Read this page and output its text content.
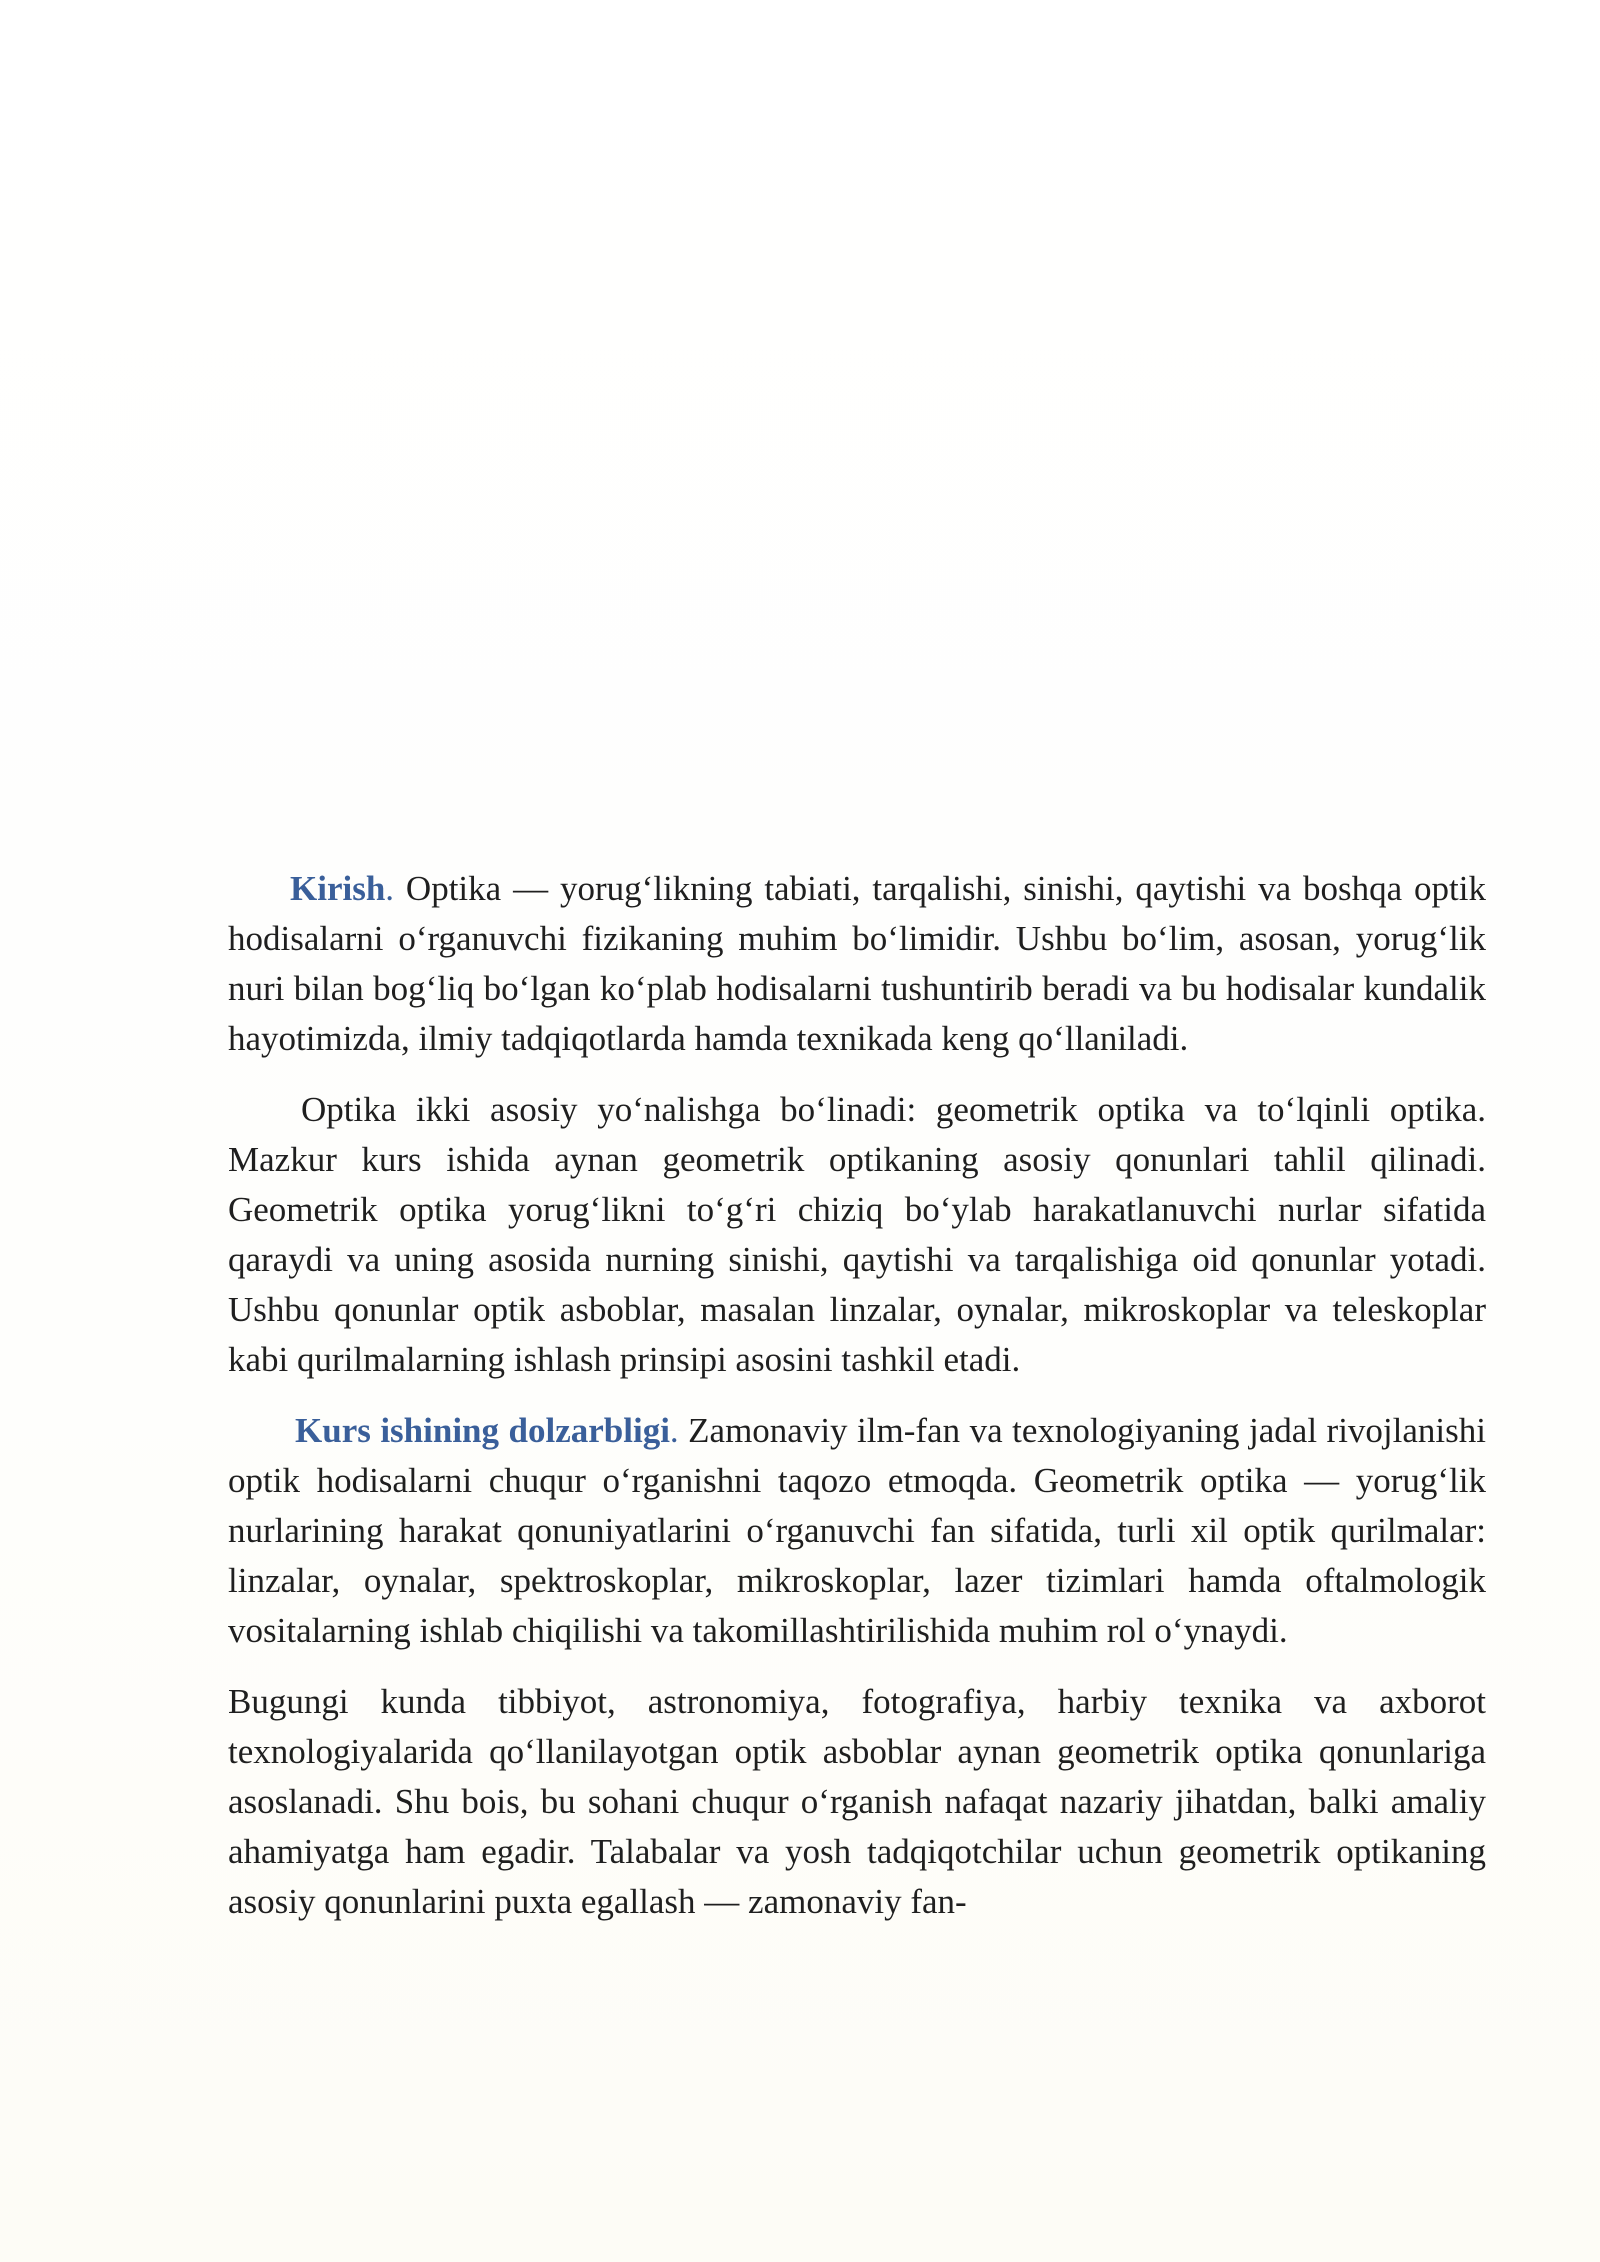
Kirish. Optika — yorug‘likning tabiati, tarqalishi, sinishi, qaytishi va boshqa optik hodisalarni o‘rganuvchi fizikaning muhim bo‘limidir. Ushbu bo‘lim, asosan, yorug‘lik nuri bilan bog‘liq bo‘lgan ko‘plab hodisalarni tushuntirib beradi va bu hodisalar kundalik hayotimizda, ilmiy tadqiqotlarda hamda texnikada keng qo‘llaniladi.

Optika ikki asosiy yo‘nalishga bo‘linadi: geometrik optika va to‘lqinli optika. Mazkur kurs ishida aynan geometrik optikaning asosiy qonunlari tahlil qilinadi. Geometrik optika yorug‘likni to‘g‘ri chiziq bo‘ylab harakatlanuvchi nurlar sifatida qaraydi va uning asosida nurning sinishi, qaytishi va tarqalishiga oid qonunlar yotadi. Ushbu qonunlar optik asboblar, masalan linzalar, oynalar, mikroskoplar va teleskoplar kabi qurilmalarning ishlash prinsipi asosini tashkil etadi.

Kurs ishining dolzarbligi. Zamonaviy ilm-fan va texnologiyaning jadal rivojlanishi optik hodisalarni chuqur o‘rganishni taqozo etmoqda. Geometrik optika — yorug‘lik nurlarining harakat qonuniyatlarini o‘rganuvchi fan sifatida, turli xil optik qurilmalar: linzalar, oynalar, spektroskoplar, mikroskoplar, lazer tizimlari hamda oftalmologik vositalarning ishlab chiqilishi va takomillashtirilishida muhim rol o‘ynaydi.

Bugungi kunda tibbiyot, astronomiya, fotografiya, harbiy texnika va axborot texnologiyalarida qo‘llanilayotgan optik asboblar aynan geometrik optika qonunlariga asoslanadi. Shu bois, bu sohani chuqur o‘rganish nafaqat nazariy jihatdan, balki amaliy ahamiyatga ham egadir. Talabalar va yosh tadqiqotchilar uchun geometrik optikaning asosiy qonunlarini puxta egallash — zamonaviy fan-
